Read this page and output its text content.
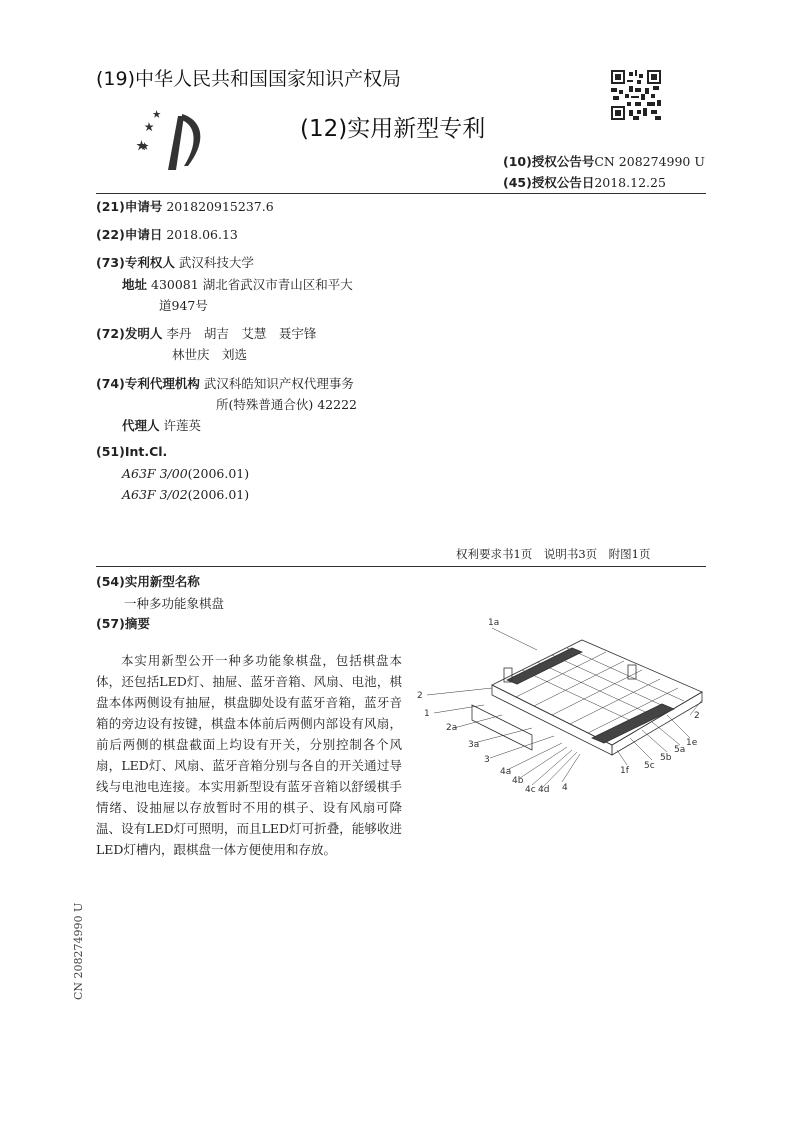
(19)中华人民共和国国家知识产权局
(12)实用新型专利
(10)授权公告号CN 208274990 U
(45)授权公告日2018.12.25
(21)申请号 201820915237.6
(22)申请日 2018.06.13
(73)专利权人 武汉科技大学
地址 430081 湖北省武汉市青山区和平大
道947号
(72)发明人 李丹　胡吉　艾慧　聂宇锋
林世庆　刘选
(74)专利代理机构 武汉科皓知识产权代理事务
所(特殊普通合伙) 42222
代理人 许莲英
(51)Int.Cl.
A63F 3/00(2006.01)
A63F 3/02(2006.01)
权利要求书1页　说明书3页　附图1页
(54)实用新型名称
一种多功能象棋盘
(57)摘要

本实用新型公开一种多功能象棋盘，包括棋盘本体，还包括LED灯、抽屉、蓝牙音箱、风扇、电池，棋盘本体两侧设有抽屉，棋盘脚处设有蓝牙音箱，蓝牙音箱的旁边设有按键，棋盘本体前后两侧内部设有风扇，前后两侧的棋盘截面上均设有开关，分别控制各个风扇，LED灯、风扇、蓝牙音箱分别与各自的开关通过导线与电池电连接。本实用新型设有蓝牙音箱以舒缓棋手情绪、设抽屉以存放暂时不用的棋子、设有风扇可降温、设有LED灯可照明，而且LED灯可折叠，能够收进LED灯槽内，跟棋盘一体方便使用和存放。

1a
2
1
2a
3a
3
4a
4b
4c 4d 4
1f 5c
5b
5a
1e
2
CN 208274990 U
